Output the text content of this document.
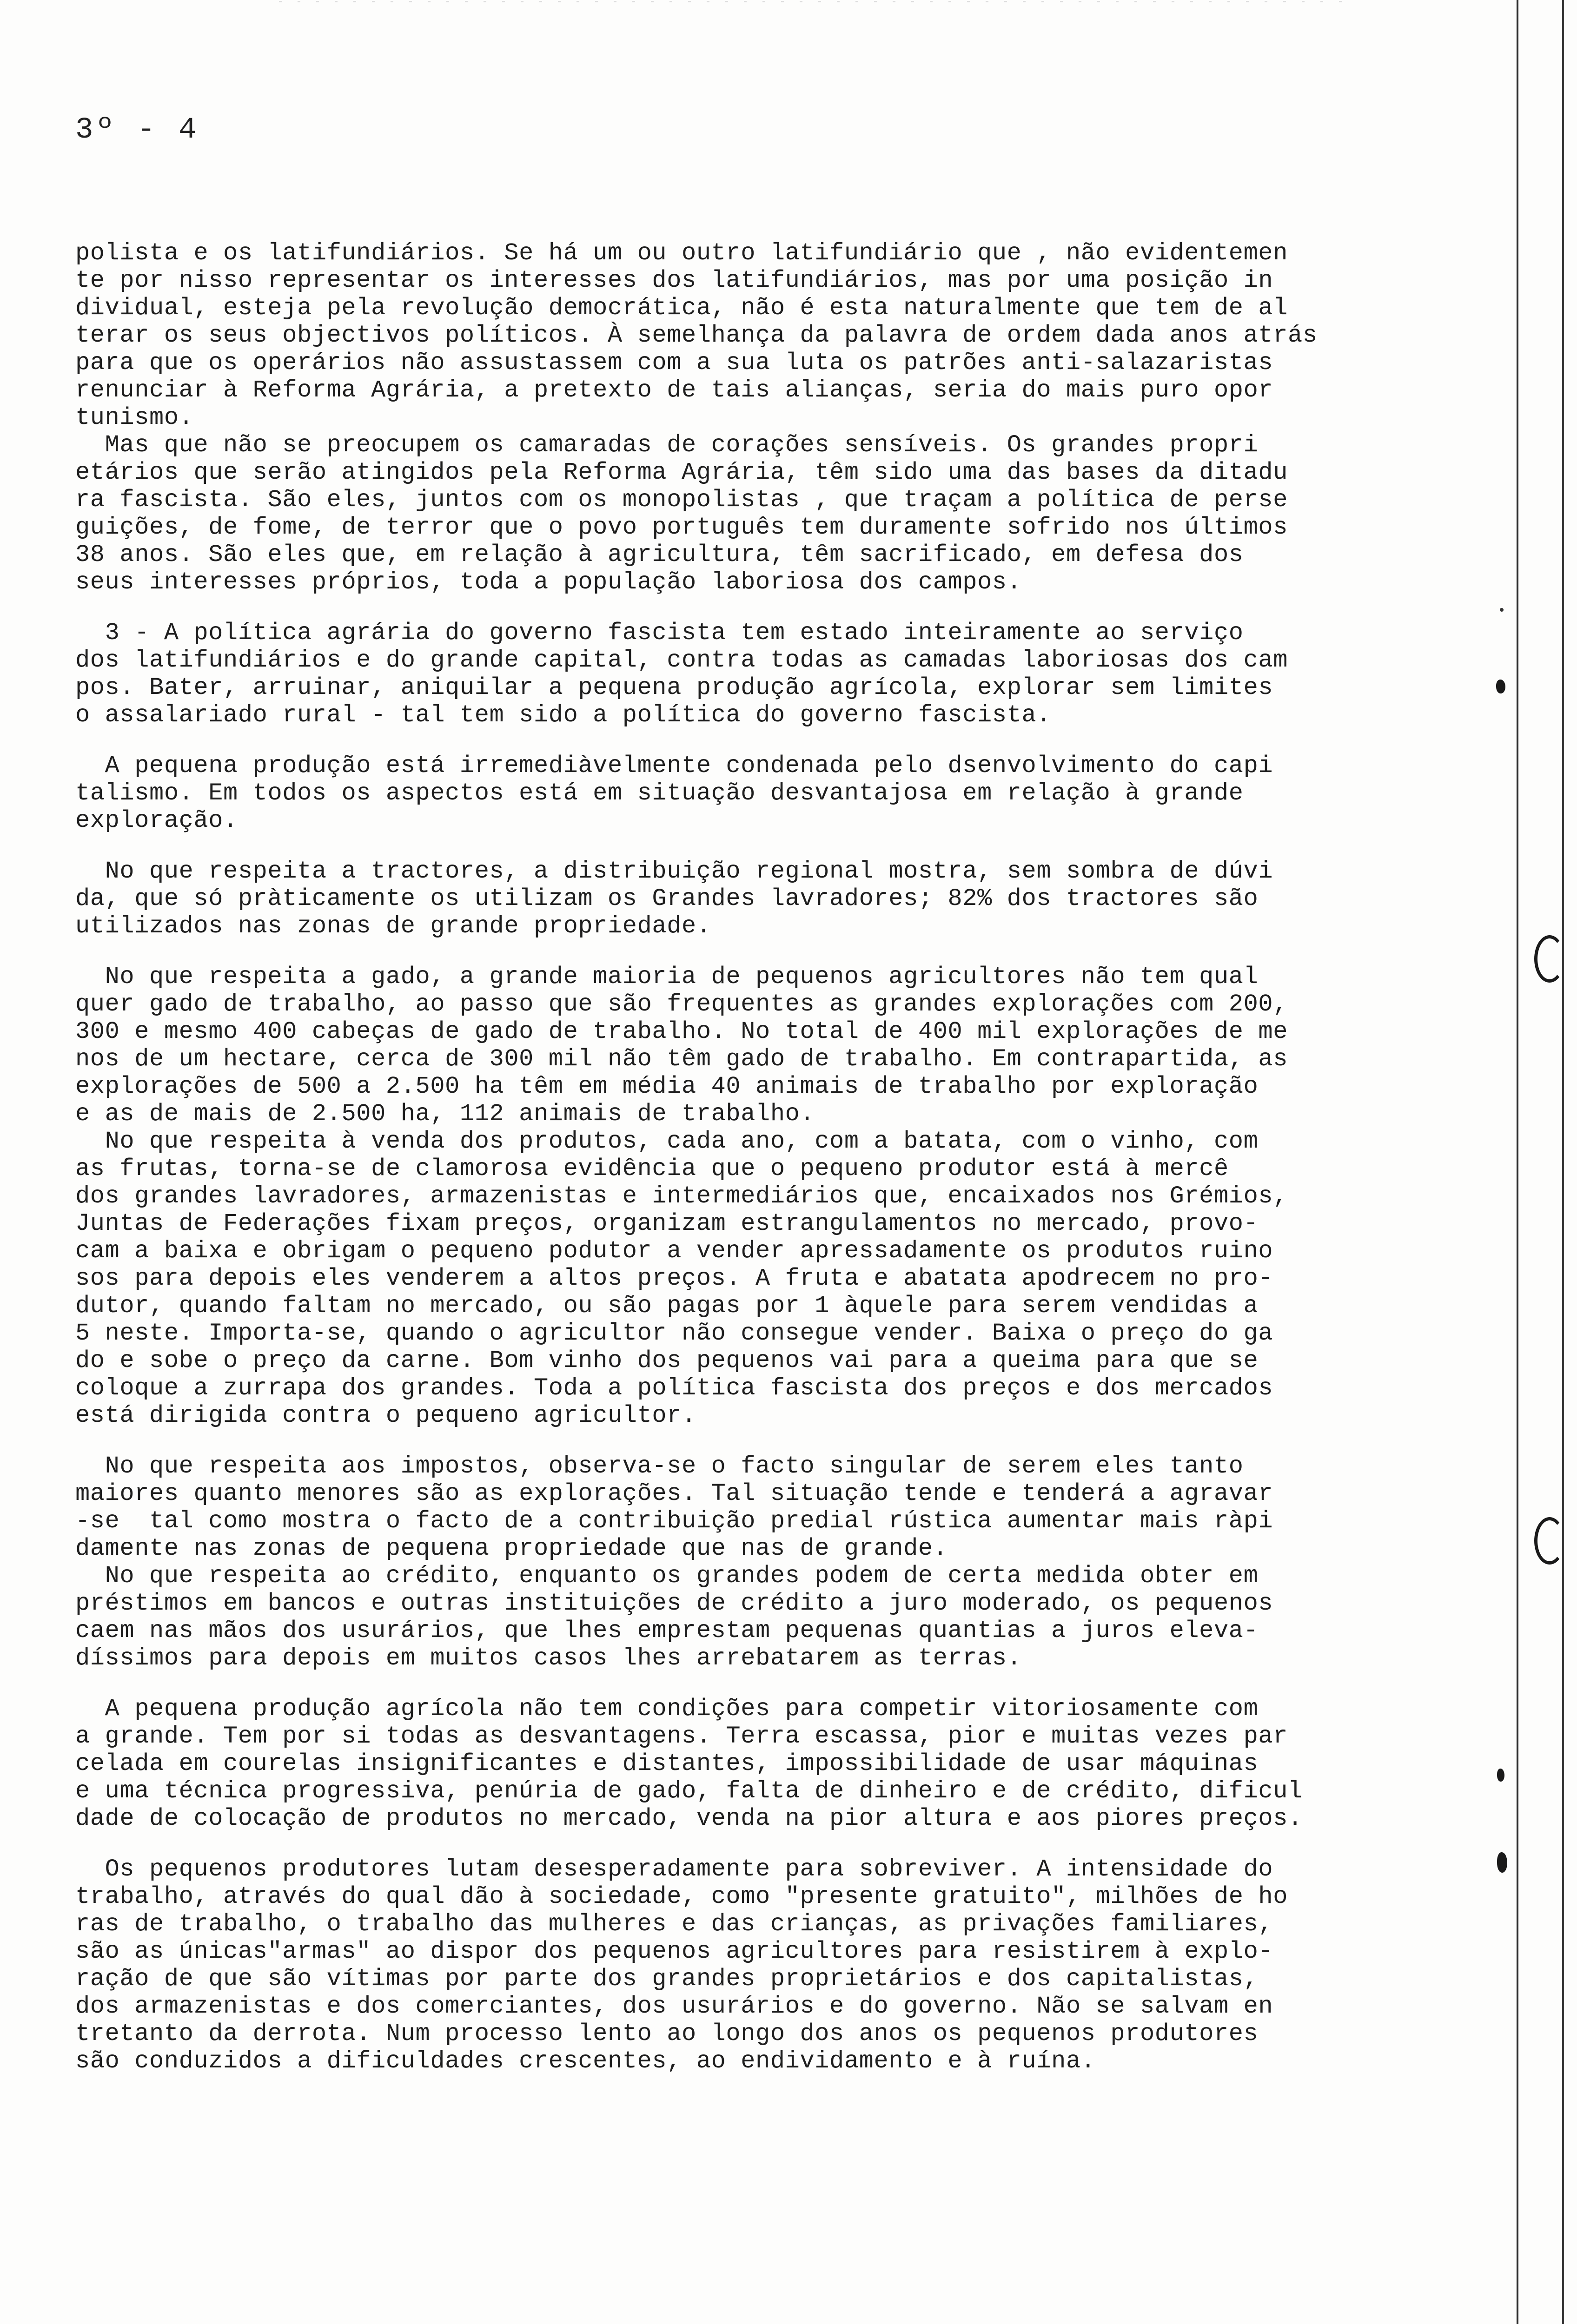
3º - 4
polista e os latifundiários. Se há um ou outro latifundiário que , não evidentemen
te por nisso representar os interesses dos latifundiários, mas por uma posição in
dividual, esteja pela revolução democrática, não é esta naturalmente que tem de al
terar os seus objectivos políticos. À semelhança da palavra de ordem dada anos atrás
para que os operários não assustassem com a sua luta os patrões anti-salazaristas
renunciar à Reforma Agrária, a pretexto de tais alianças, seria do mais puro opor
tunismo.
Mas que não se preocupem os camaradas de corações sensíveis. Os grandes propri
etários que serão atingidos pela Reforma Agrária, têm sido uma das bases da ditadu
ra fascista. São eles, juntos com os monopolistas , que traçam a política de perse
guições, de fome, de terror que o povo português tem duramente sofrido nos últimos
38 anos. São eles que, em relação à agricultura, têm sacrificado, em defesa dos
seus interesses próprios, toda a população laboriosa dos campos.
3 - A política agrária do governo fascista tem estado inteiramente ao serviço
dos latifundiários e do grande capital, contra todas as camadas laboriosas dos cam
pos. Bater, arruinar, aniquilar a pequena produção agrícola, explorar sem limites
o assalariado rural - tal tem sido a política do governo fascista.
A pequena produção está irremediàvelmente condenada pelo dsenvolvimento do capi
talismo. Em todos os aspectos está em situação desvantajosa em relação à grande
exploração.
No que respeita a tractores, a distribuição regional mostra, sem sombra de dúvi
da, que só pràticamente os utilizam os Grandes lavradores; 82% dos tractores são
utilizados nas zonas de grande propriedade.
No que respeita a gado, a grande maioria de pequenos agricultores não tem qual
quer gado de trabalho, ao passo que são frequentes as grandes explorações com 200,
300 e mesmo 400 cabeças de gado de trabalho. No total de 400 mil explorações de me
nos de um hectare, cerca de 300 mil não têm gado de trabalho. Em contrapartida, as
explorações de 500 a 2.500 ha têm em média 40 animais de trabalho por exploração
e as de mais de 2.500 ha, 112 animais de trabalho.
No que respeita à venda dos produtos, cada ano, com a batata, com o vinho, com
as frutas, torna-se de clamorosa evidência que o pequeno produtor está à mercê
dos grandes lavradores, armazenistas e intermediários que, encaixados nos Grémios,
Juntas de Federações fixam preços, organizam estrangulamentos no mercado, provo-
cam a baixa e obrigam o pequeno podutor a vender apressadamente os produtos ruino
sos para depois eles venderem a altos preços. A fruta e abatata apodrecem no pro-
dutor, quando faltam no mercado, ou são pagas por 1 àquele para serem vendidas a
5 neste. Importa-se, quando o agricultor não consegue vender. Baixa o preço do ga
do e sobe o preço da carne. Bom vinho dos pequenos vai para a queima para que se
coloque a zurrapa dos grandes. Toda a política fascista dos preços e dos mercados
está dirigida contra o pequeno agricultor.
No que respeita aos impostos, observa-se o facto singular de serem eles tanto
maiores quanto menores são as explorações. Tal situação tende e tenderá a agravar
-se  tal como mostra o facto de a contribuição predial rústica aumentar mais ràpi
damente nas zonas de pequena propriedade que nas de grande.
No que respeita ao crédito, enquanto os grandes podem de certa medida obter em
préstimos em bancos e outras instituições de crédito a juro moderado, os pequenos
caem nas mãos dos usurários, que lhes emprestam pequenas quantias a juros eleva-
díssimos para depois em muitos casos lhes arrebatarem as terras.
A pequena produção agrícola não tem condições para competir vitoriosamente com
a grande. Tem por si todas as desvantagens. Terra escassa, pior e muitas vezes par
celada em courelas insignificantes e distantes, impossibilidade de usar máquinas
e uma técnica progressiva, penúria de gado, falta de dinheiro e de crédito, dificul
dade de colocação de produtos no mercado, venda na pior altura e aos piores preços.
Os pequenos produtores lutam desesperadamente para sobreviver. A intensidade do
trabalho, através do qual dão à sociedade, como "presente gratuito", milhões de ho
ras de trabalho, o trabalho das mulheres e das crianças, as privações familiares,
são as únicas"armas" ao dispor dos pequenos agricultores para resistirem à explo-
ração de que são vítimas por parte dos grandes proprietários e dos capitalistas,
dos armazenistas e dos comerciantes, dos usurários e do governo. Não se salvam en
tretanto da derrota. Num processo lento ao longo dos anos os pequenos produtores
são conduzidos a dificuldades crescentes, ao endividamento e à ruína.
